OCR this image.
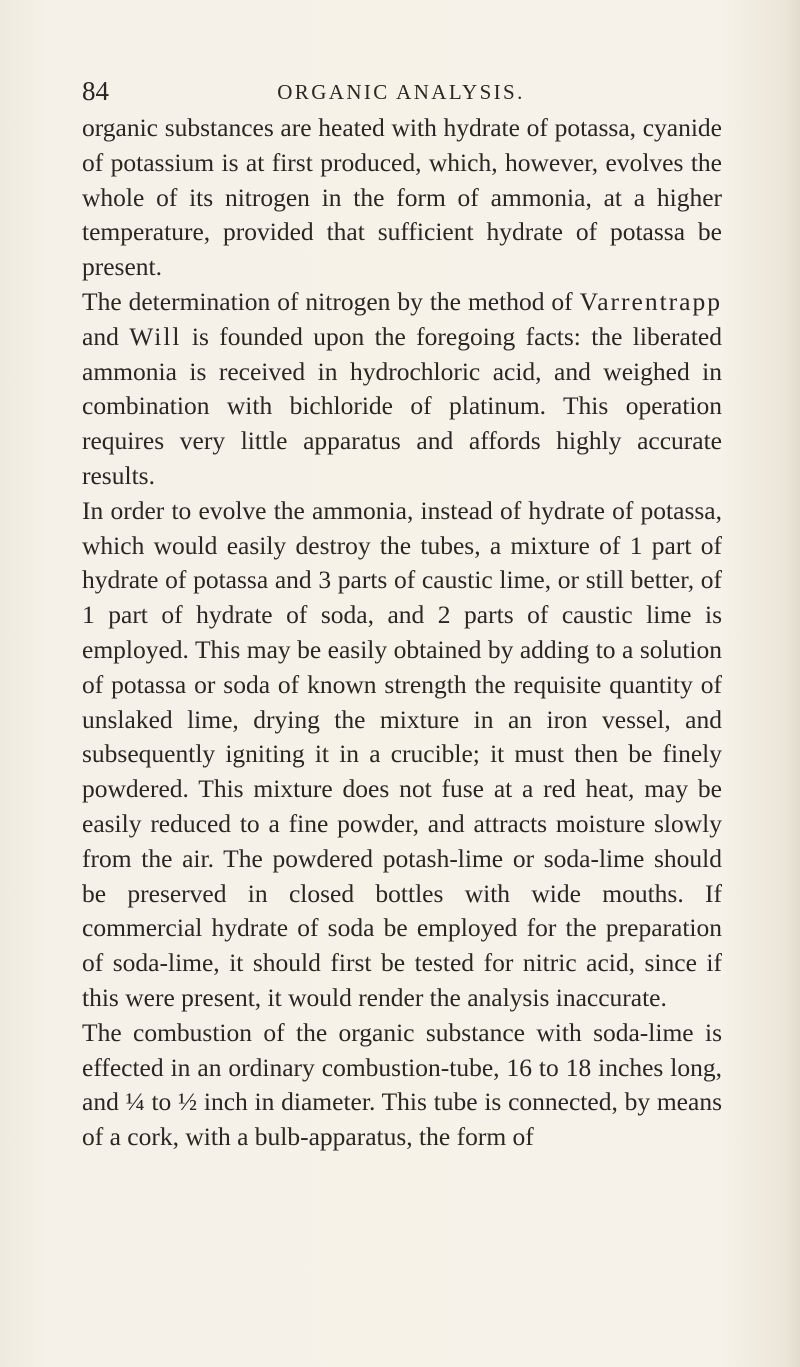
84	ORGANIC ANALYSIS.

organic substances are heated with hydrate of potassa, cyanide of potassium is at first produced, which, however, evolves the whole of its nitrogen in the form of ammonia, at a higher temperature, provided that sufficient hydrate of potassa be present.

The determination of nitrogen by the method of Varrentrapp and Will is founded upon the foregoing facts: the liberated ammonia is received in hydrochloric acid, and weighed in combination with bichloride of platinum. This operation requires very little apparatus and affords highly accurate results.

In order to evolve the ammonia, instead of hydrate of potassa, which would easily destroy the tubes, a mixture of 1 part of hydrate of potassa and 3 parts of caustic lime, or still better, of 1 part of hydrate of soda, and 2 parts of caustic lime is employed. This may be easily obtained by adding to a solution of potassa or soda of known strength the requisite quantity of unslaked lime, drying the mixture in an iron vessel, and subsequently igniting it in a crucible; it must then be finely powdered. This mixture does not fuse at a red heat, may be easily reduced to a fine powder, and attracts moisture slowly from the air. The powdered potash-lime or soda-lime should be preserved in closed bottles with wide mouths. If commercial hydrate of soda be employed for the preparation of soda-lime, it should first be tested for nitric acid, since if this were present, it would render the analysis inaccurate.

The combustion of the organic substance with soda-lime is effected in an ordinary combustion-tube, 16 to 18 inches long, and ¼ to ½ inch in diameter. This tube is connected, by means of a cork, with a bulb-apparatus, the form of
